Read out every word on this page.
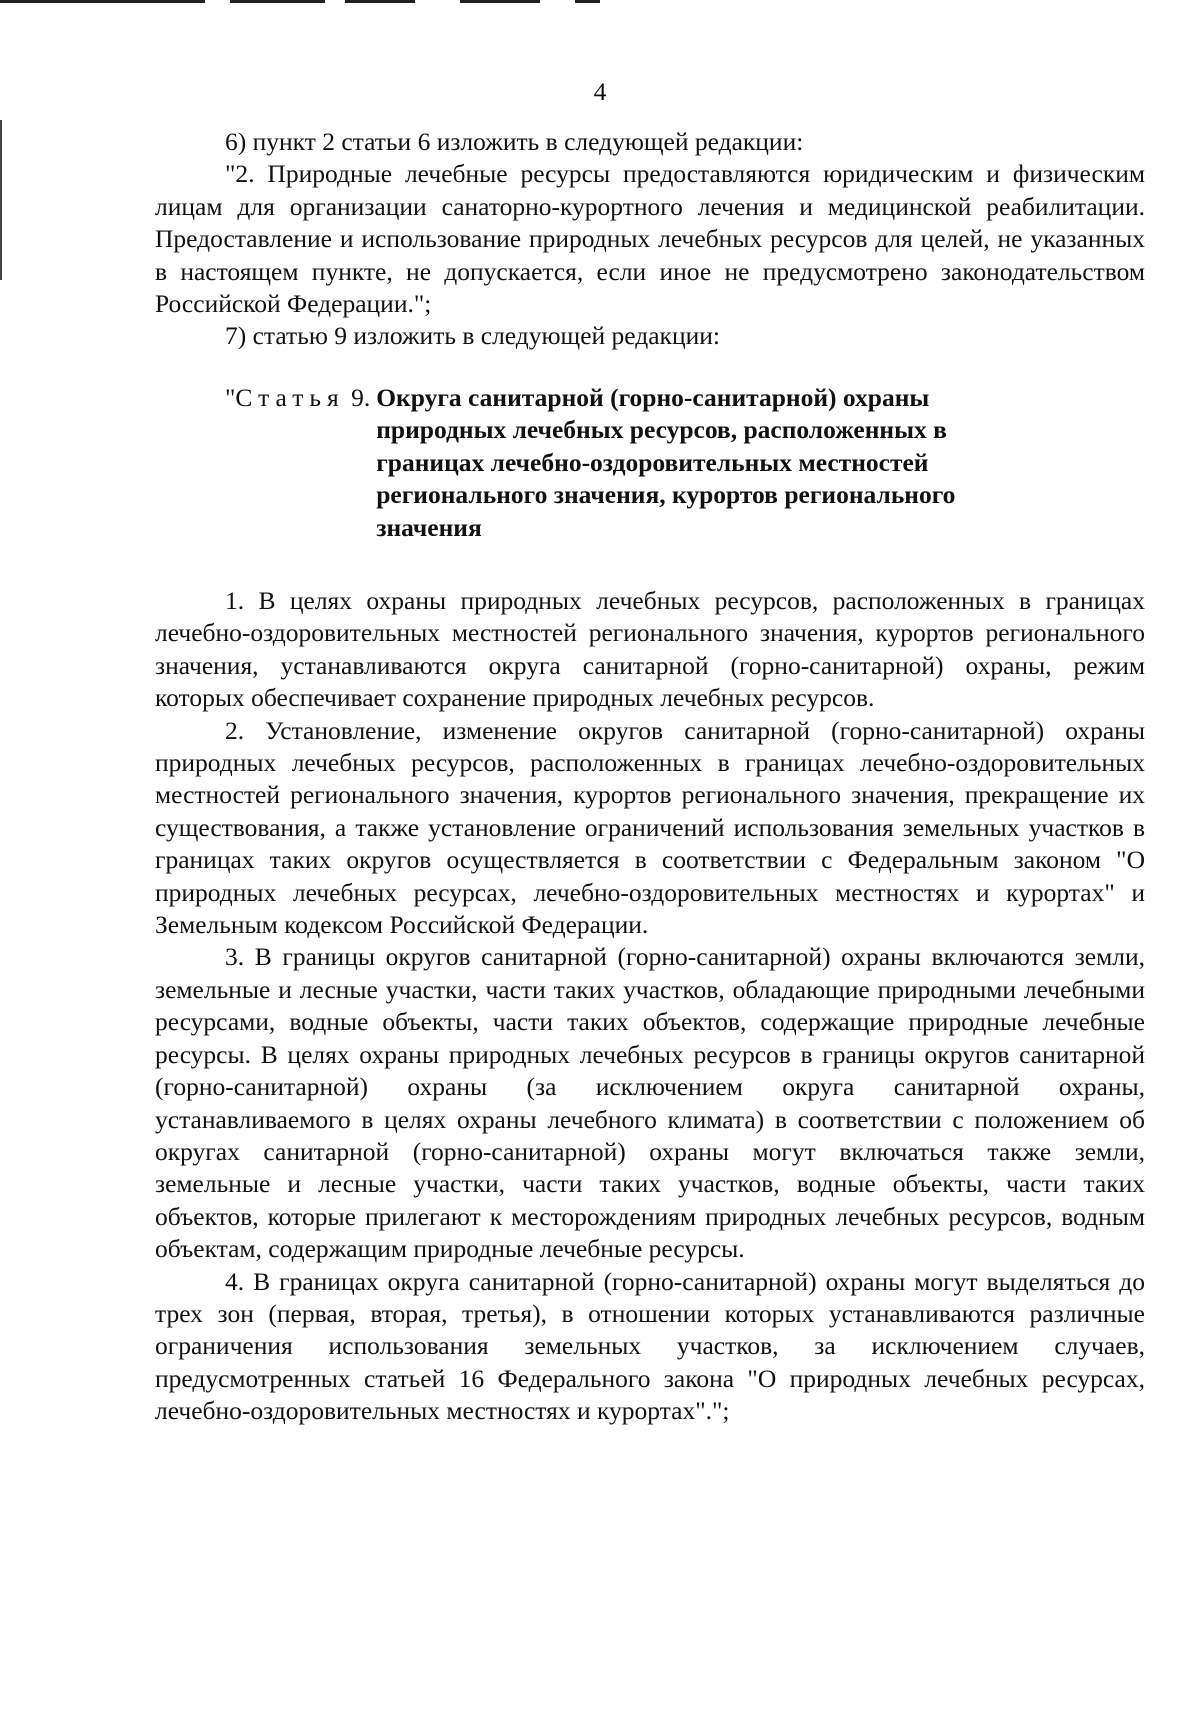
4

6) пункт 2 статьи 6 изложить в следующей редакции:

"2. Природные лечебные ресурсы предоставляются юридическим и физическим лицам для организации санаторно-курортного лечения и медицинской реабилитации. Предоставление и использование природных лечебных ресурсов для целей, не указанных в настоящем пункте, не допускается, если иное не предусмотрено законодательством Российской Федерации.";

7) статью 9 изложить в следующей редакции:

"Статья 9. Округа санитарной (горно-санитарной) охраны природных лечебных ресурсов, расположенных в границах лечебно-оздоровительных местностей регионального значения, курортов регионального значения

1. В целях охраны природных лечебных ресурсов, расположенных в границах лечебно-оздоровительных местностей регионального значения, курортов регионального значения, устанавливаются округа санитарной (горно-санитарной) охраны, режим которых обеспечивает сохранение природных лечебных ресурсов.

2. Установление, изменение округов санитарной (горно-санитарной) охраны природных лечебных ресурсов, расположенных в границах лечебно-оздоровительных местностей регионального значения, курортов регионального значения, прекращение их существования, а также установление ограничений использования земельных участков в границах таких округов осуществляется в соответствии с Федеральным законом "О природных лечебных ресурсах, лечебно-оздоровительных местностях и курортах" и Земельным кодексом Российской Федерации.

3. В границы округов санитарной (горно-санитарной) охраны включаются земли, земельные и лесные участки, части таких участков, обладающие природными лечебными ресурсами, водные объекты, части таких объектов, содержащие природные лечебные ресурсы. В целях охраны природных лечебных ресурсов в границы округов санитарной (горно-санитарной) охраны (за исключением округа санитарной охраны, устанавливаемого в целях охраны лечебного климата) в соответствии с положением об округах санитарной (горно-санитарной) охраны могут включаться также земли, земельные и лесные участки, части таких участков, водные объекты, части таких объектов, которые прилегают к месторождениям природных лечебных ресурсов, водным объектам, содержащим природные лечебные ресурсы.

4. В границах округа санитарной (горно-санитарной) охраны могут выделяться до трех зон (первая, вторая, третья), в отношении которых устанавливаются различные ограничения использования земельных участков, за исключением случаев, предусмотренных статьей 16 Федерального закона "О природных лечебных ресурсах, лечебно-оздоровительных местностях и курортах".";
